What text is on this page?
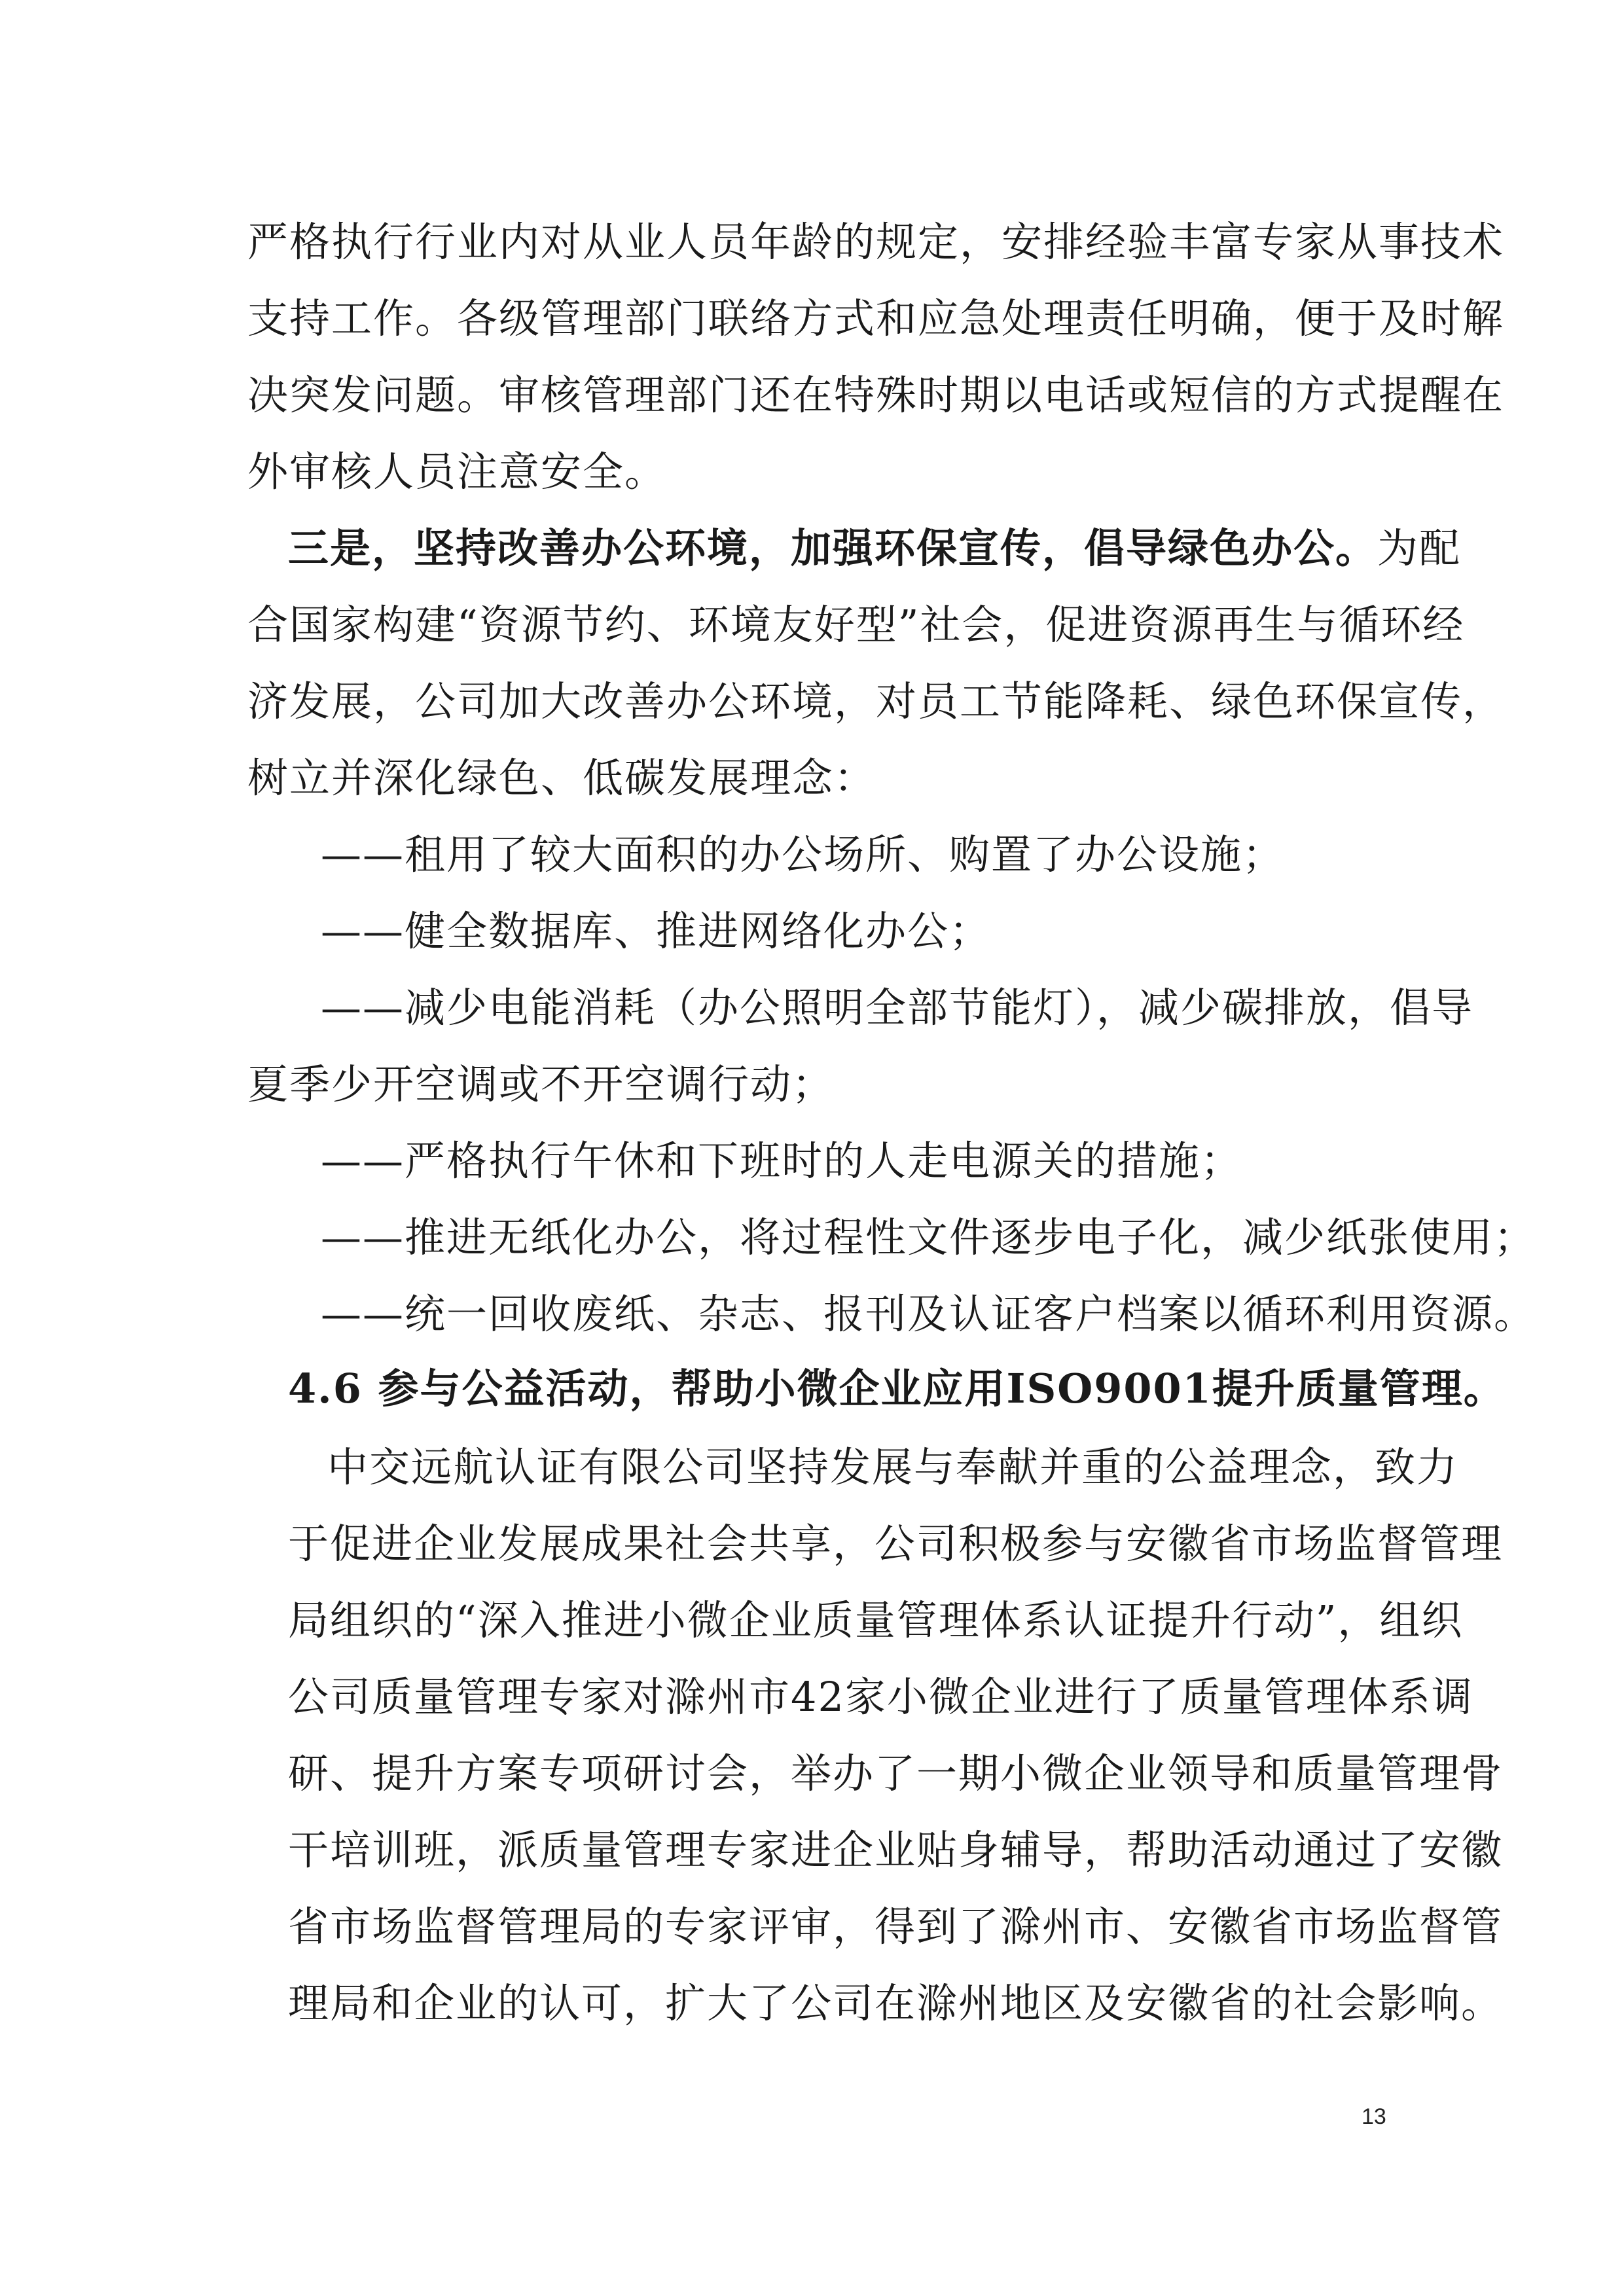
严格执行行业内对从业人员年龄的规定，安排经验丰富专家从事技术
支持工作。各级管理部门联络方式和应急处理责任明确，便于及时解
决突发问题。审核管理部门还在特殊时期以电话或短信的方式提醒在
外审核人员注意安全。
三是，坚持改善办公环境，加强环保宣传，倡导绿色办公。为配
合国家构建“资源节约、环境友好型”社会，促进资源再生与循环经
济发展，公司加大改善办公环境，对员工节能降耗、绿色环保宣传，
树立并深化绿色、低碳发展理念：
——租用了较大面积的办公场所、购置了办公设施；
——健全数据库、推进网络化办公；
——减少电能消耗（办公照明全部节能灯），减少碳排放，倡导
夏季少开空调或不开空调行动；
——严格执行午休和下班时的人走电源关的措施；
——推进无纸化办公，将过程性文件逐步电子化，减少纸张使用；
——统一回收废纸、杂志、报刊及认证客户档案以循环利用资源。
4.6 参与公益活动，帮助小微企业应用ISO9001提升质量管理。
中交远航认证有限公司坚持发展与奉献并重的公益理念，致力
于促进企业发展成果社会共享，公司积极参与安徽省市场监督管理
局组织的“深入推进小微企业质量管理体系认证提升行动”，组织
公司质量管理专家对滁州市42家小微企业进行了质量管理体系调
研、提升方案专项研讨会，举办了一期小微企业领导和质量管理骨
干培训班，派质量管理专家进企业贴身辅导，帮助活动通过了安徽
省市场监督管理局的专家评审，得到了滁州市、安徽省市场监督管
理局和企业的认可，扩大了公司在滁州地区及安徽省的社会影响。
13
